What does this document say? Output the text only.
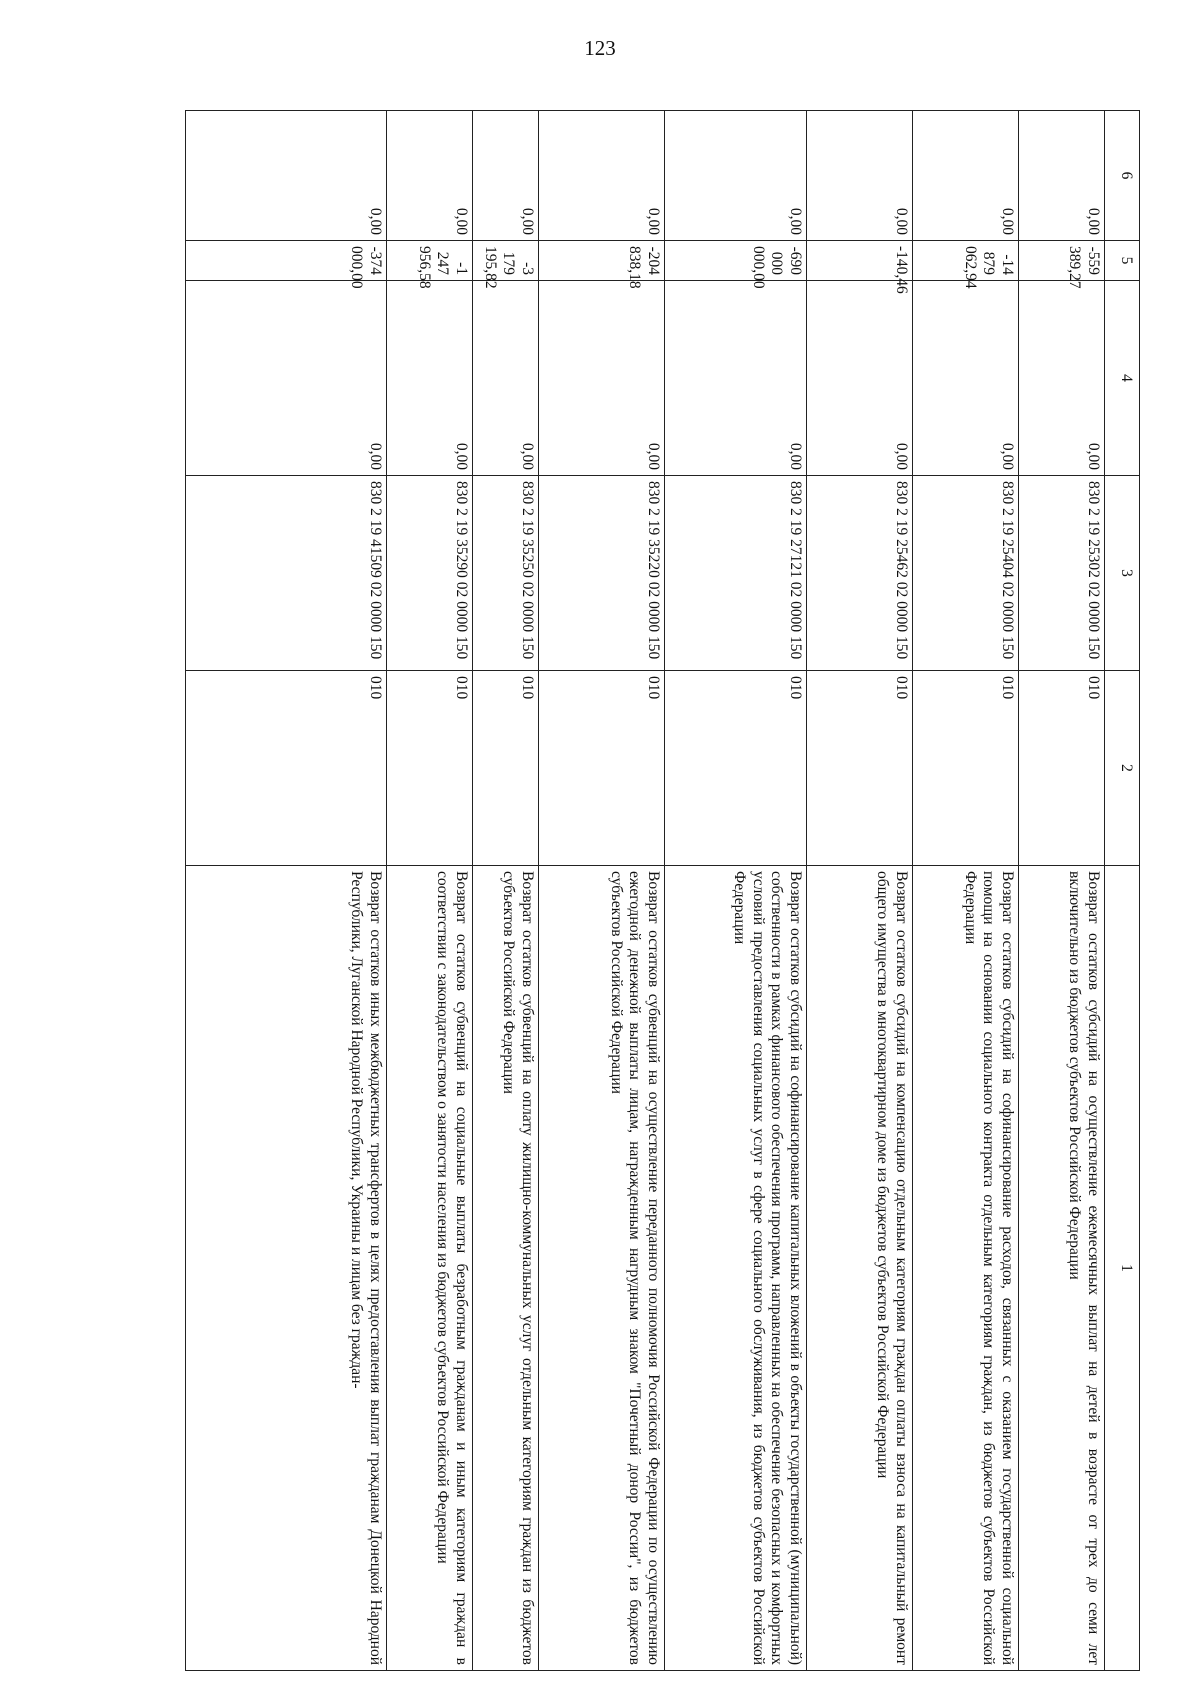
123
6	5	4	3	2	1
0,00	-559 389,27	0,00	830 2 19 25302 02 0000 150	010	Возврат остатков субсидий на осуществление ежемесячных выплат на детей в возрасте от трех до семи лет включительно из бюджетов субъектов Российской Федерации
0,00	-14 879 062,94	0,00	830 2 19 25404 02 0000 150	010	Возврат остатков субсидий на софинансирование расходов, связанных с оказанием государственной социальной помощи на основании социального контракта отдельным категориям граждан, из бюджетов субъектов Российской Федерации
0,00	-140,46	0,00	830 2 19 25462 02 0000 150	010	Возврат остатков субсидий на компенсацию отдельным категориям граждан оплаты взноса на капитальный ремонт общего имущества в многоквартирном доме из бюджетов субъектов Российской Федерации
0,00	-690 000 000,00	0,00	830 2 19 27121 02 0000 150	010	Возврат остатков субсидий на софинансирование капитальных вложений в объекты государственной (муниципальной) собственности в рамках финансового обеспечения программ, направленных на обеспечение безопасных и комфортных условий предоставления социальных услуг в сфере социального обслуживания, из бюджетов субъектов Российской Федерации
0,00	-204 838,18	0,00	830 2 19 35220 02 0000 150	010	Возврат остатков субвенций на осуществление переданного полномочия Российской Федерации по осуществлению ежегодной денежной выплаты лицам, награжденным нагрудным знаком "Почетный донор России", из бюджетов субъектов Российской Федерации
0,00	-3 179 195,82	0,00	830 2 19 35250 02 0000 150	010	Возврат остатков субвенций на оплату жилищно-коммунальных услуг отдельным категориям граждан из бюджетов субъектов Российской Федерации
0,00	-1 247 956,58	0,00	830 2 19 35290 02 0000 150	010	Возврат остатков субвенций на социальные выплаты безработным гражданам и иным категориям граждан в соответствии с законодательством о занятости населения из бюджетов субъектов Российской Федерации
0,00	-374 000,00	0,00	830 2 19 41509 02 0000 150	010	Возврат остатков иных межбюджетных трансфертов в целях предоставления выплат гражданам Донецкой Народной Республики, Луганской Народной Республики, Украины и лицам без граждан-
